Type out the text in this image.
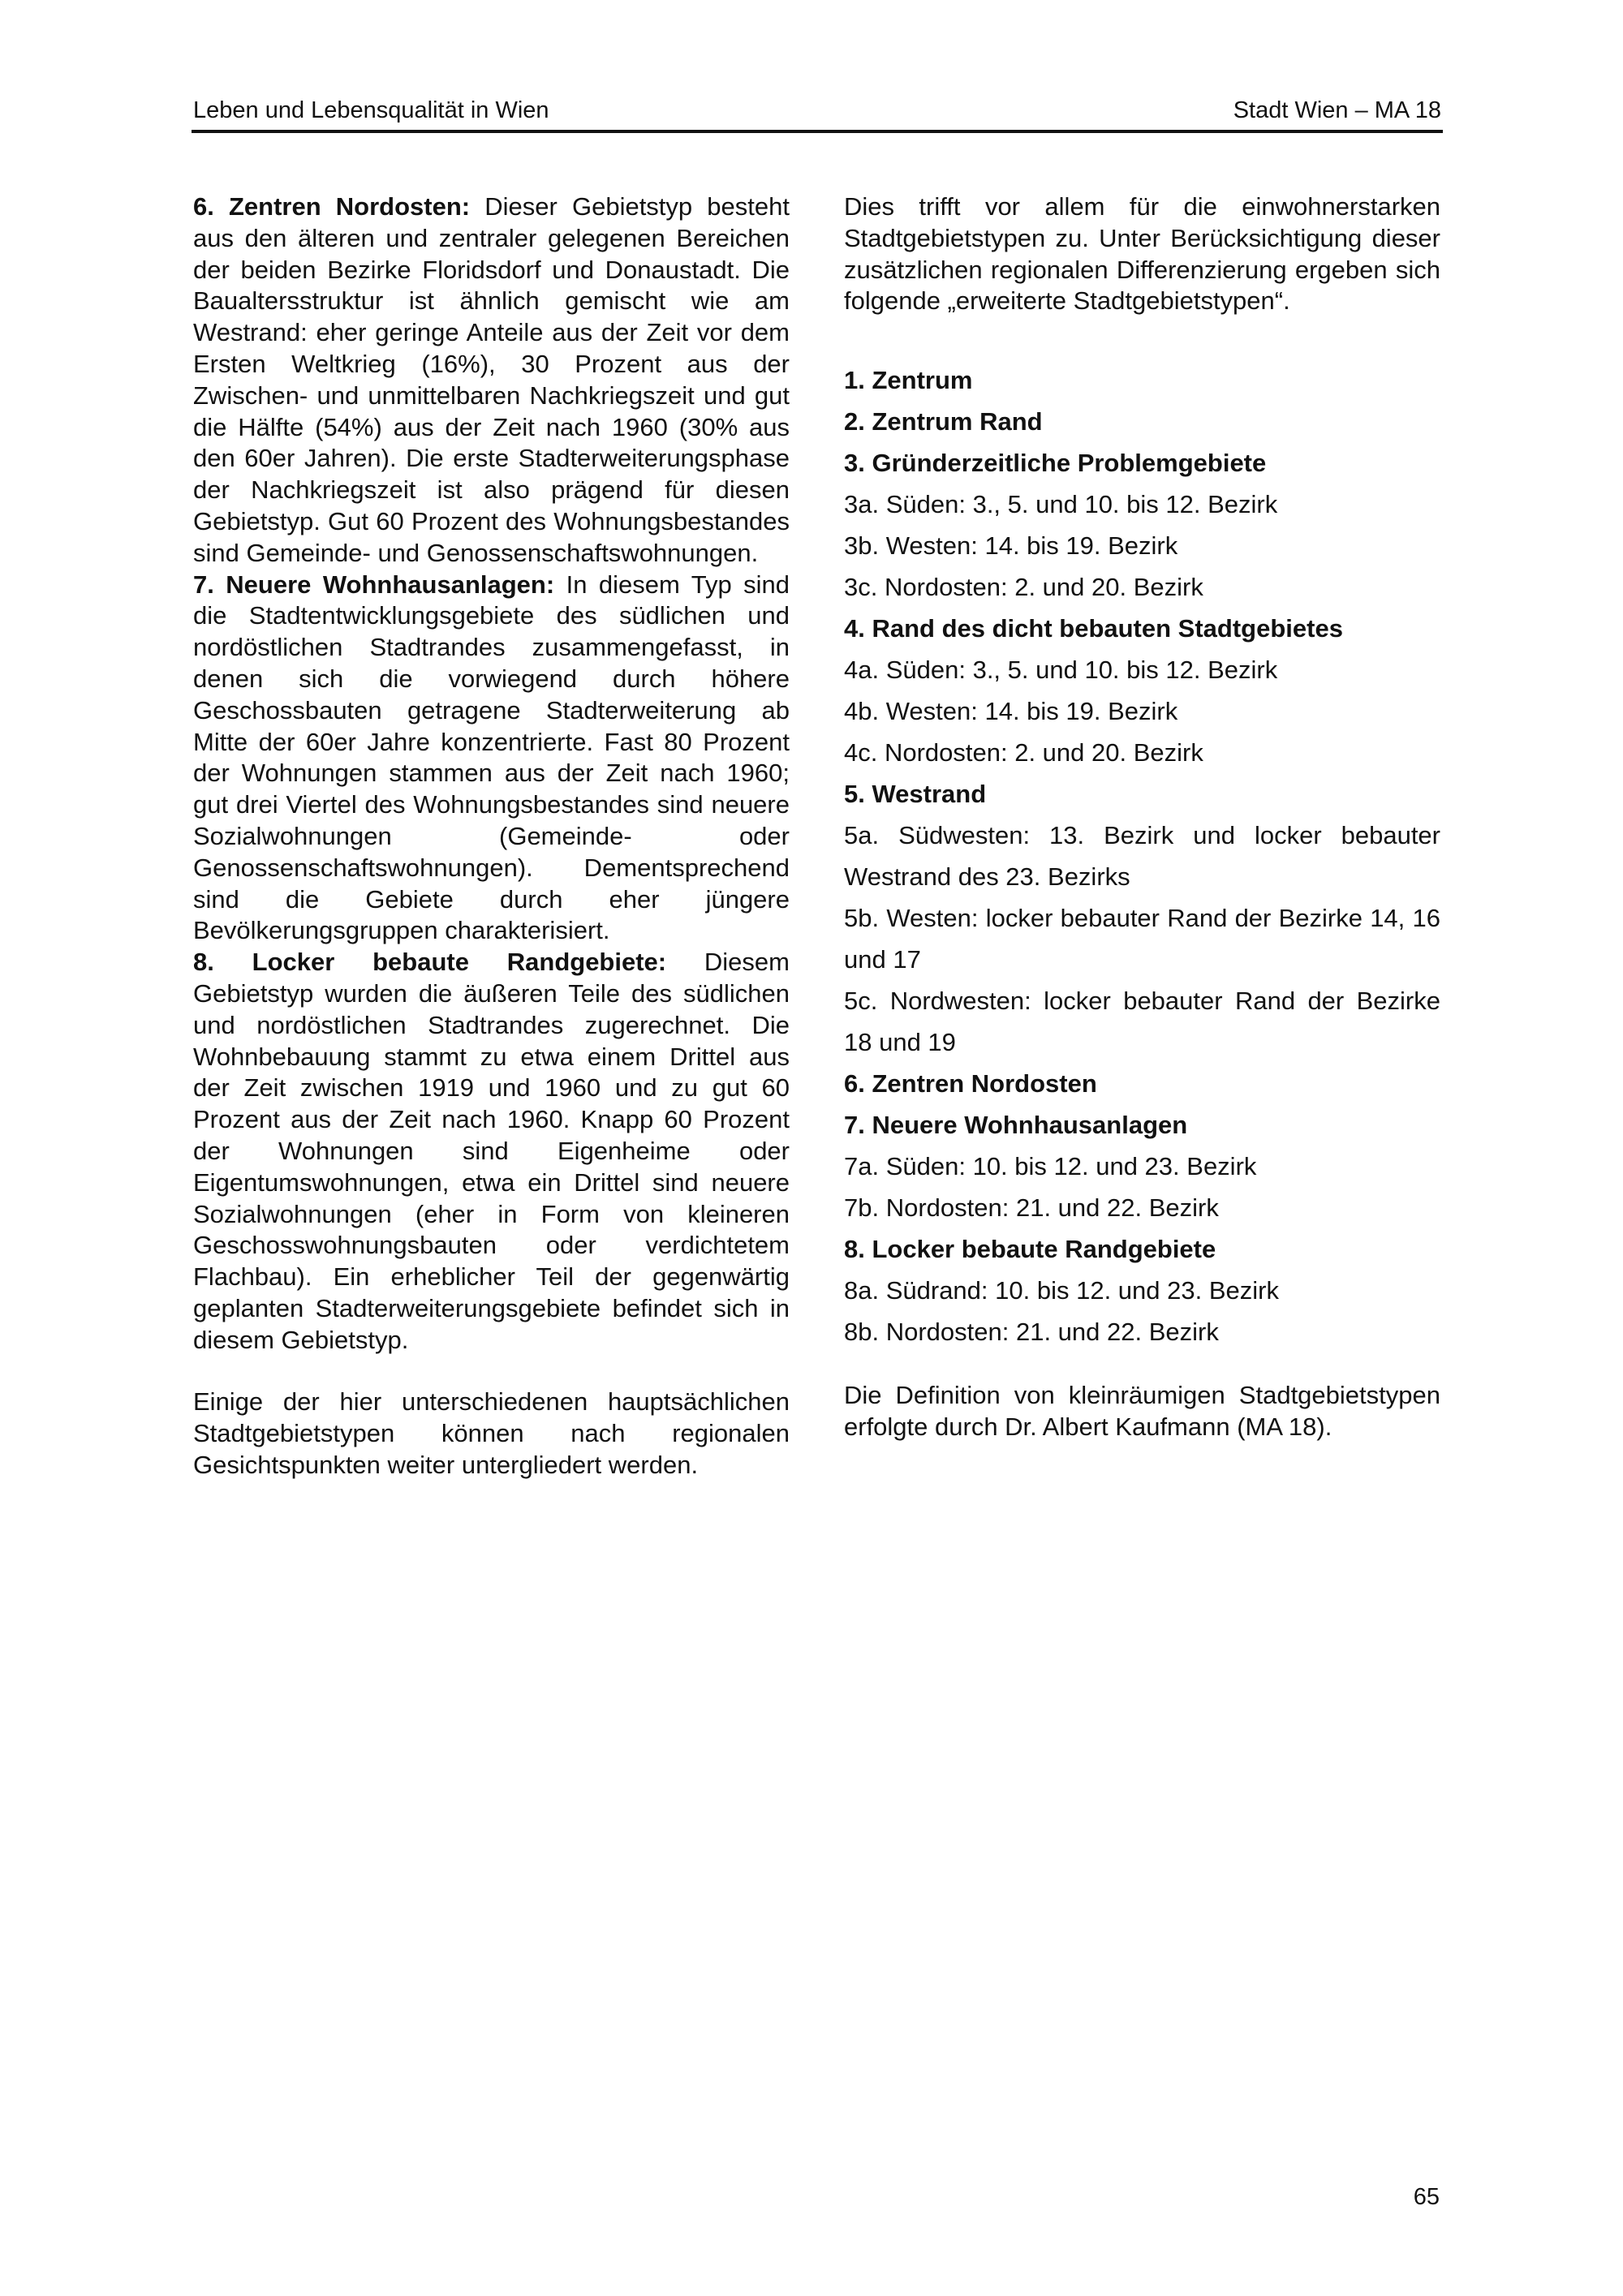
Leben und Lebensqualität in Wien	Stadt Wien – MA 18

6. Zentren Nordosten: Dieser Gebietstyp besteht aus den älteren und zentraler gelegenen Bereichen der beiden Bezirke Floridsdorf und Donaustadt. Die Baualtersstruktur ist ähnlich gemischt wie am Westrand: eher geringe Anteile aus der Zeit vor dem Ersten Weltkrieg (16%), 30 Prozent aus der Zwischen- und unmittelbaren Nachkriegszeit und gut die Hälfte (54%) aus der Zeit nach 1960 (30% aus den 60er Jahren). Die erste Stadterweiterungsphase der Nachkriegszeit ist also prägend für diesen Gebietstyp. Gut 60 Prozent des Wohnungsbestandes sind Gemeinde- und Genossenschaftswohnungen.

7. Neuere Wohnhausanlagen: In diesem Typ sind die Stadtentwicklungsgebiete des südlichen und nordöstlichen Stadtrandes zusammengefasst, in denen sich die vorwiegend durch höhere Geschossbauten getragene Stadterweiterung ab Mitte der 60er Jahre konzentrierte. Fast 80 Prozent der Wohnungen stammen aus der Zeit nach 1960; gut drei Viertel des Wohnungsbestandes sind neuere Sozialwohnungen (Gemeinde- oder Genossenschaftswohnungen). Dementsprechend sind die Gebiete durch eher jüngere Bevölkerungsgruppen charakterisiert.

8. Locker bebaute Randgebiete: Diesem Gebietstyp wurden die äußeren Teile des südlichen und nordöstlichen Stadtrandes zugerechnet. Die Wohnbebauung stammt zu etwa einem Drittel aus der Zeit zwischen 1919 und 1960 und zu gut 60 Prozent aus der Zeit nach 1960. Knapp 60 Prozent der Wohnungen sind Eigenheime oder Eigentumswohnungen, etwa ein Drittel sind neuere Sozialwohnungen (eher in Form von kleineren Geschosswohnungsbauten oder verdichtetem Flachbau). Ein erheblicher Teil der gegenwärtig geplanten Stadterweiterungsgebiete befindet sich in diesem Gebietstyp.

Einige der hier unterschiedenen hauptsächlichen Stadtgebietstypen können nach regionalen Gesichtspunkten weiter untergliedert werden.

Dies trifft vor allem für die einwohnerstarken Stadtgebietstypen zu. Unter Berücksichtigung dieser zusätzlichen regionalen Differenzierung ergeben sich folgende „erweiterte Stadtgebietstypen“.

1. Zentrum
2. Zentrum Rand
3. Gründerzeitliche Problemgebiete
3a. Süden: 3., 5. und 10. bis 12. Bezirk
3b. Westen: 14. bis 19. Bezirk
3c. Nordosten: 2. und 20. Bezirk
4. Rand des dicht bebauten Stadtgebietes
4a. Süden: 3., 5. und 10. bis 12. Bezirk
4b. Westen: 14. bis 19. Bezirk
4c. Nordosten: 2. und 20. Bezirk
5. Westrand
5a. Südwesten: 13. Bezirk und locker bebauter Westrand des 23. Bezirks
5b. Westen: locker bebauter Rand der Bezirke 14, 16 und 17
5c. Nordwesten: locker bebauter Rand der Bezirke 18 und 19
6. Zentren Nordosten
7. Neuere Wohnhausanlagen
7a. Süden: 10. bis 12. und 23. Bezirk
7b. Nordosten: 21. und 22. Bezirk
8. Locker bebaute Randgebiete
8a. Südrand: 10. bis 12. und 23. Bezirk
8b. Nordosten: 21. und 22. Bezirk

Die Definition von kleinräumigen Stadtgebietstypen erfolgte durch Dr. Albert Kaufmann (MA 18).

65
